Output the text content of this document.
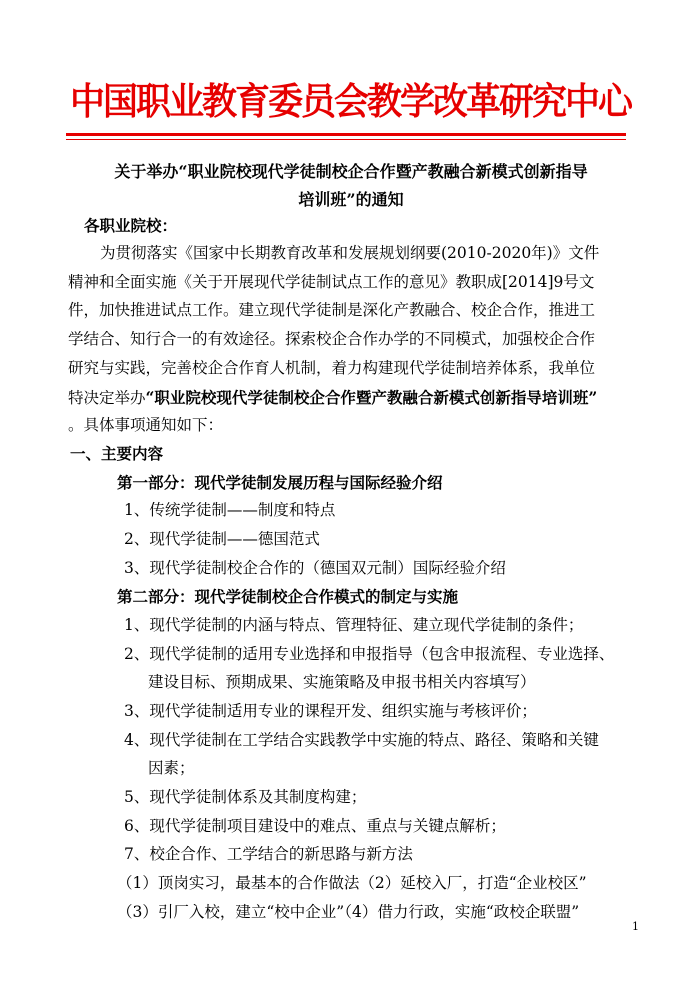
中国职业教育委员会教学改革研究中心
关于举办“职业院校现代学徒制校企合作暨产教融合新模式创新指导
培训班”的通知
各职业院校：
为贯彻落实《国家中长期教育改革和发展规划纲要(2010-2020年)》文件
精神和全面实施《关于开展现代学徒制试点工作的意见》教职成[2014]9号文
件，加快推进试点工作。建立现代学徒制是深化产教融合、校企合作，推进工
学结合、知行合一的有效途径。探索校企合作办学的不同模式，加强校企合作
研究与实践，完善校企合作育人机制，着力构建现代学徒制培养体系，我单位
特决定举办“职业院校现代学徒制校企合作暨产教融合新模式创新指导培训班”
。具体事项通知如下：
一、主要内容
第一部分：现代学徒制发展历程与国际经验介绍
1、传统学徒制——制度和特点
2、现代学徒制——德国范式
3、现代学徒制校企合作的（德国双元制）国际经验介绍
第二部分：现代学徒制校企合作模式的制定与实施
1、现代学徒制的内涵与特点、管理特征、建立现代学徒制的条件；
2、现代学徒制的适用专业选择和申报指导（包含申报流程、专业选择、
建设目标、预期成果、实施策略及申报书相关内容填写）
3、现代学徒制适用专业的课程开发、组织实施与考核评价；
4、现代学徒制在工学结合实践教学中实施的特点、路径、策略和关键
因素；
5、现代学徒制体系及其制度构建；
6、现代学徒制项目建设中的难点、重点与关键点解析；
7、校企合作、工学结合的新思路与新方法
（1）顶岗实习，最基本的合作做法（2）延校入厂，打造“企业校区”
（3）引厂入校，建立“校中企业”（4）借力行政，实施“政校企联盟”
1
